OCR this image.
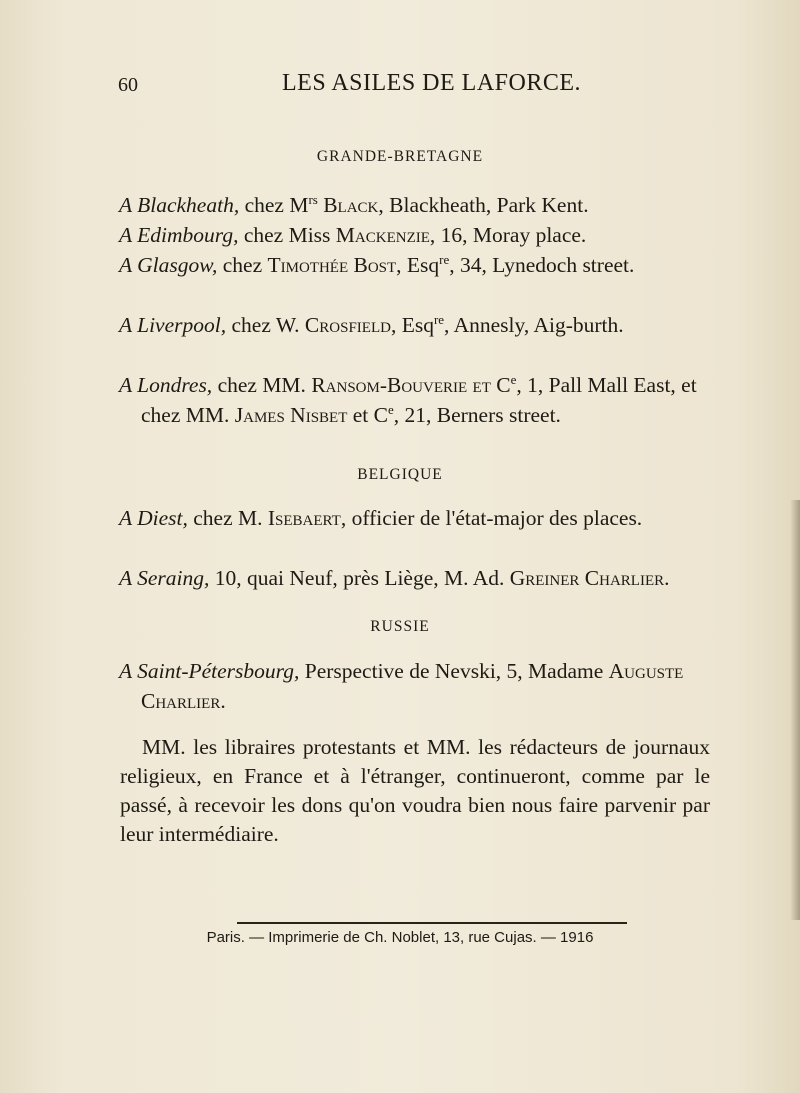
60	LES ASILES DE LAFORCE.
GRANDE-BRETAGNE
A Blackheath, chez $M^{rs}$ Black, Blackheath, Park Kent.
A Edimbourg, chez Miss Mackenzie, 16, Moray place.
A Glasgow, chez Timothée Bost, Esq$^{re}$, 34, Lynedoch street.
A Liverpool, chez W. Crosfield, Esq$^{re}$, Annesly, Aig-burth.
A Londres, chez MM. Ransom-Bouverie et Ce, 1, Pall Mall East, et chez MM. James Nisbet et Ce, 21, Berners street.
BELGIQUE
A Diest, chez M. Isebaert, officier de l'état-major des places.
A Seraing, 10, quai Neuf, près Liège, M. Ad. Greiner Charlier.
RUSSIE
A Saint-Pétersbourg, Perspective de Nevski, 5, Madame Auguste Charlier.
MM. les libraires protestants et MM. les rédacteurs de journaux religieux, en France et à l'étranger, continueront, comme par le passé, à recevoir les dons qu'on voudra bien nous faire parvenir par leur intermédiaire.
Paris. — Imprimerie de Ch. Noblet, 13, rue Cujas. — 1916
